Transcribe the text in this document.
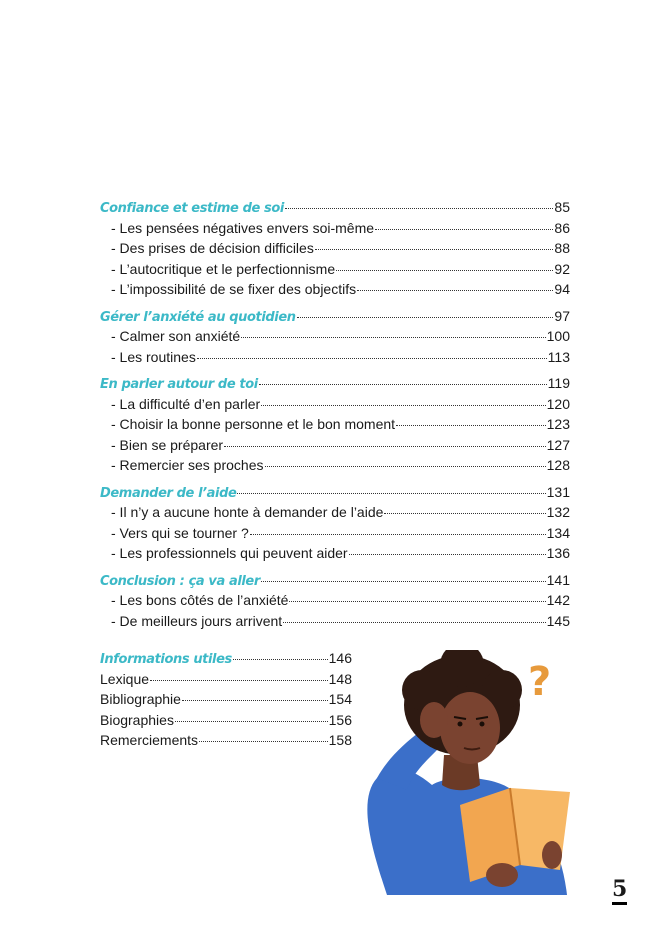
Confiance et estime de soi	85
- Les pensées négatives envers soi-même	86
- Des prises de décision difficiles	88
- L’autocritique et le perfectionnisme	92
- L’impossibilité de se fixer des objectifs	94
Gérer l’anxiété au quotidien	97
- Calmer son anxiété	100
- Les routines	113
En parler autour de toi	119
- La difficulté d’en parler	120
- Choisir la bonne personne et le bon moment	123
- Bien se préparer	127
- Remercier ses proches	128
Demander de l’aide	131
- Il n’y a aucune honte à demander de l’aide	132
- Vers qui se tourner ?	134
- Les professionnels qui peuvent aider	136
Conclusion : ça va aller	141
- Les bons côtés de l’anxiété	142
- De meilleurs jours arrivent	145
Informations utiles	146
Lexique	148
Bibliographie	154
Biographies	156
Remerciements	158
?
5
